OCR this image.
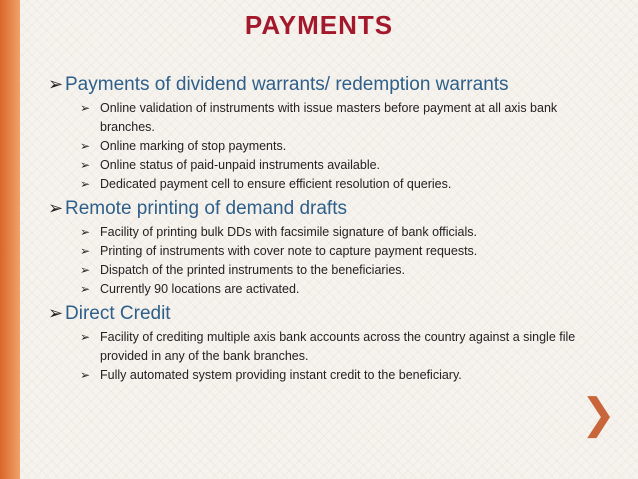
PAYMENTS
➢ Payments of dividend warrants/ redemption warrants
➢ Online validation of instruments with issue masters before payment at all axis bank branches.
➢ Online marking of stop payments.
➢ Online status of paid-unpaid instruments available.
➢ Dedicated payment cell to ensure efficient resolution of queries.
➢ Remote printing of demand drafts
➢ Facility of printing bulk DDs with facsimile signature of bank officials.
➢ Printing of instruments with cover note to capture payment requests.
➢ Dispatch of the printed instruments to the beneficiaries.
➢ Currently 90 locations are activated.
➢ Direct Credit
➢ Facility of crediting multiple axis bank accounts across the country against a single file provided in any of the bank branches.
➢ Fully automated system providing instant credit to the beneficiary.
❯
